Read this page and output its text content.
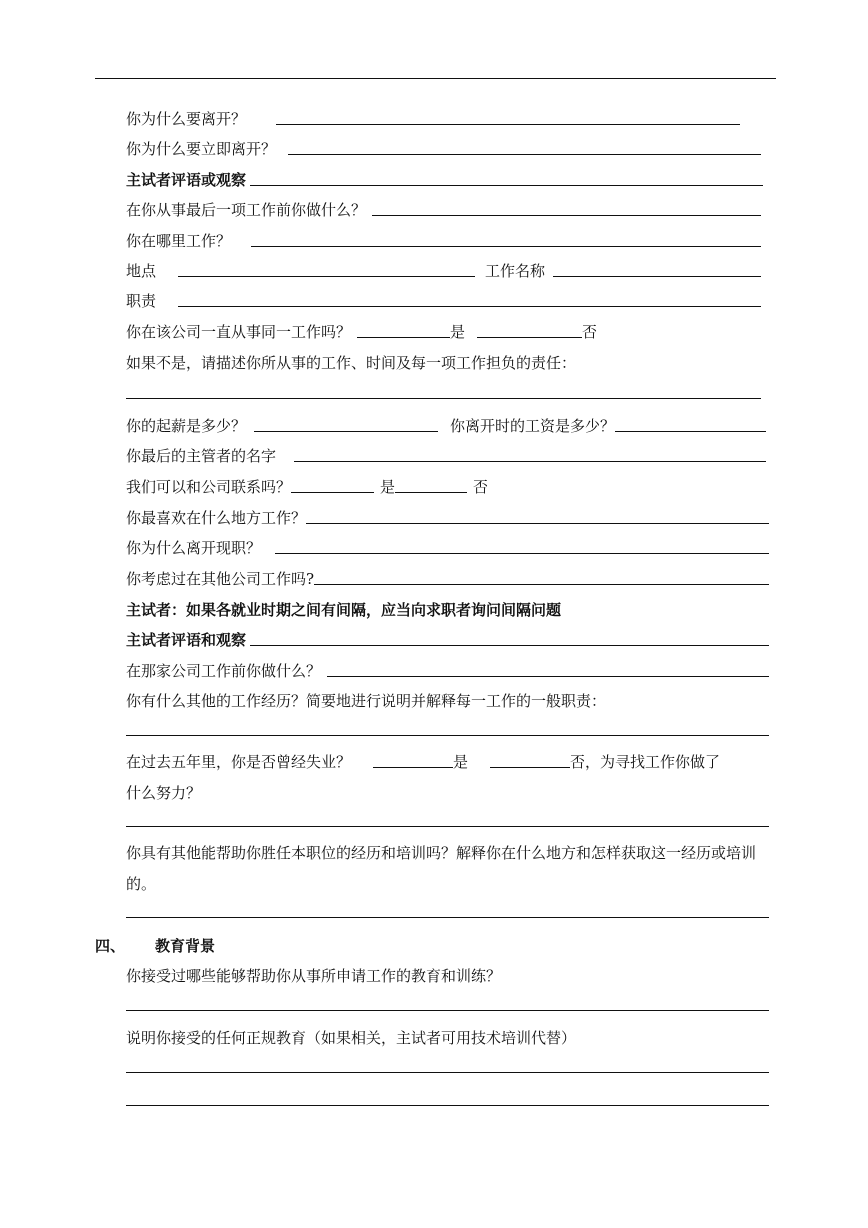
你为什么要离开？
你为什么要立即离开？
主试者评语或观察
在你从事最后一项工作前你做什么？
你在哪里工作？
地点	工作名称
职责
你在该公司一直从事同一工作吗？	是	否
如果不是，请描述你所从事的工作、时间及每一项工作担负的责任：
你的起薪是多少？	你离开时的工资是多少？
你最后的主管者的名字
我们可以和公司联系吗？	是	否
你最喜欢在什么地方工作？
你为什么离开现职？
你考虑过在其他公司工作吗?
主试者：如果各就业时期之间有间隔，应当向求职者询问间隔问题
主试者评语和观察
在那家公司工作前你做什么？
你有什么其他的工作经历？简要地进行说明并解释每一工作的一般职责：
在过去五年里，你是否曾经失业？	是	否 ，为寻找工作你做了
什么努力？
你具有其他能帮助你胜任本职位的经历和培训吗？解释你在什么地方和怎样获取这一经历或培训的。
四、 教育背景
你接受过哪些能够帮助你从事所申请工作的教育和训练？
说明你接受的任何正规教育（如果相关，主试者可用技术培训代替）
